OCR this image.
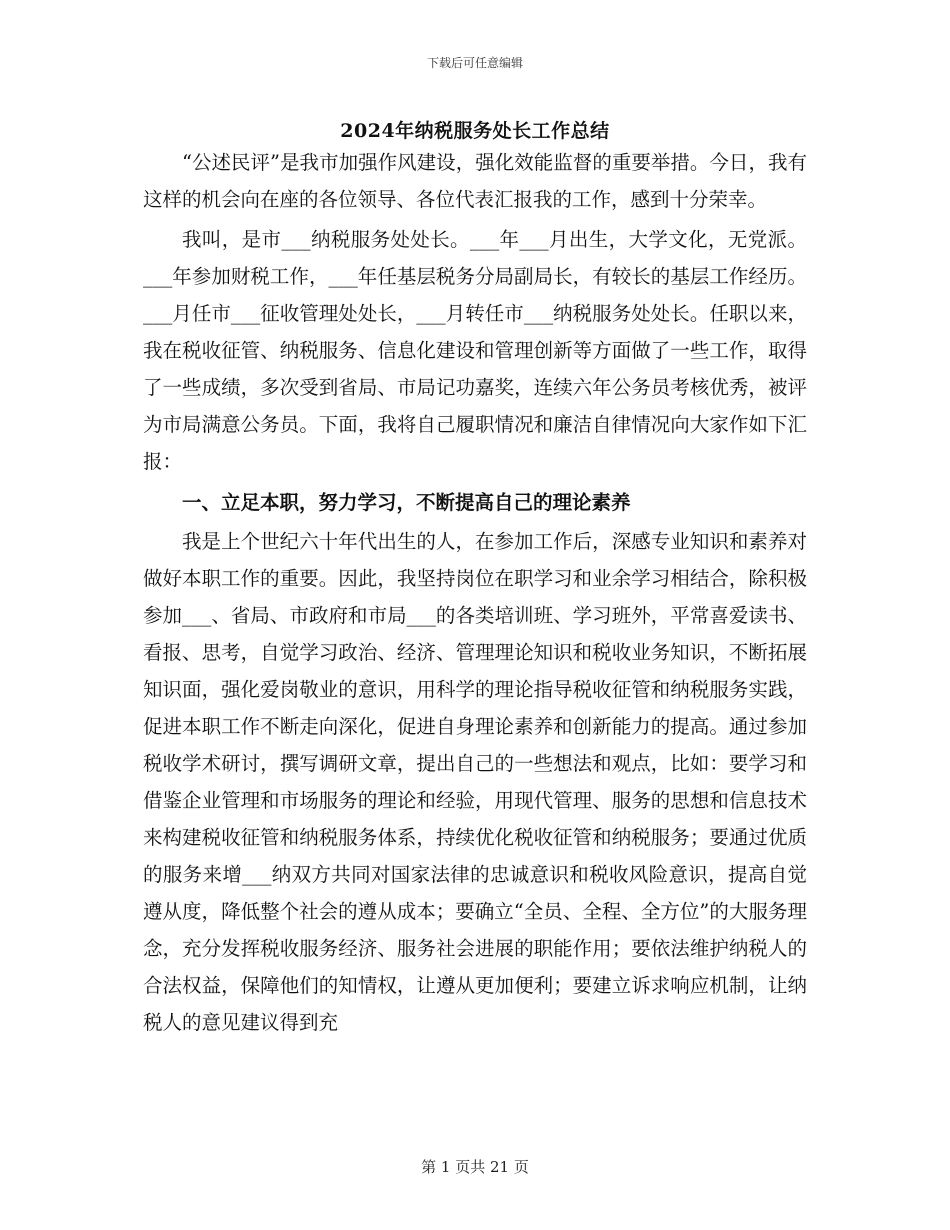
下载后可任意编辑
2024年纳税服务处长工作总结

“公述民评”是我市加强作风建设，强化效能监督的重要举措。今日，我有这样的机会向在座的各位领导、各位代表汇报我的工作，感到十分荣幸。

我叫，是市___纳税服务处处长。___年___月出生，大学文化，无党派。___年参加财税工作，___年任基层税务分局副局长，有较长的基层工作经历。___月任市___征收管理处处长，___月转任市___纳税服务处处长。任职以来，我在税收征管、纳税服务、信息化建设和管理创新等方面做了一些工作，取得了一些成绩，多次受到省局、市局记功嘉奖，连续六年公务员考核优秀，被评为市局满意公务员。下面，我将自己履职情况和廉洁自律情况向大家作如下汇报：

一、立足本职，努力学习，不断提高自己的理论素养

我是上个世纪六十年代出生的人，在参加工作后，深感专业知识和素养对做好本职工作的重要。因此，我坚持岗位在职学习和业余学习相结合，除积极参加___、省局、市政府和市局___的各类培训班、学习班外，平常喜爱读书、看报、思考，自觉学习政治、经济、管理理论知识和税收业务知识，不断拓展知识面，强化爱岗敬业的意识，用科学的理论指导税收征管和纳税服务实践，促进本职工作不断走向深化，促进自身理论素养和创新能力的提高。通过参加税收学术研讨，撰写调研文章，提出自己的一些想法和观点，比如：要学习和借鉴企业管理和市场服务的理论和经验，用现代管理、服务的思想和信息技术来构建税收征管和纳税服务体系，持续优化税收征管和纳税服务；要通过优质的服务来增___纳双方共同对国家法律的忠诚意识和税收风险意识，提高自觉遵从度，降低整个社会的遵从成本；要确立“全员、全程、全方位”的大服务理念，充分发挥税收服务经济、服务社会进展的职能作用；要依法维护纳税人的合法权益，保障他们的知情权，让遵从更加便利；要建立诉求响应机制，让纳税人的意见建议得到充

第 1 页共 21 页
